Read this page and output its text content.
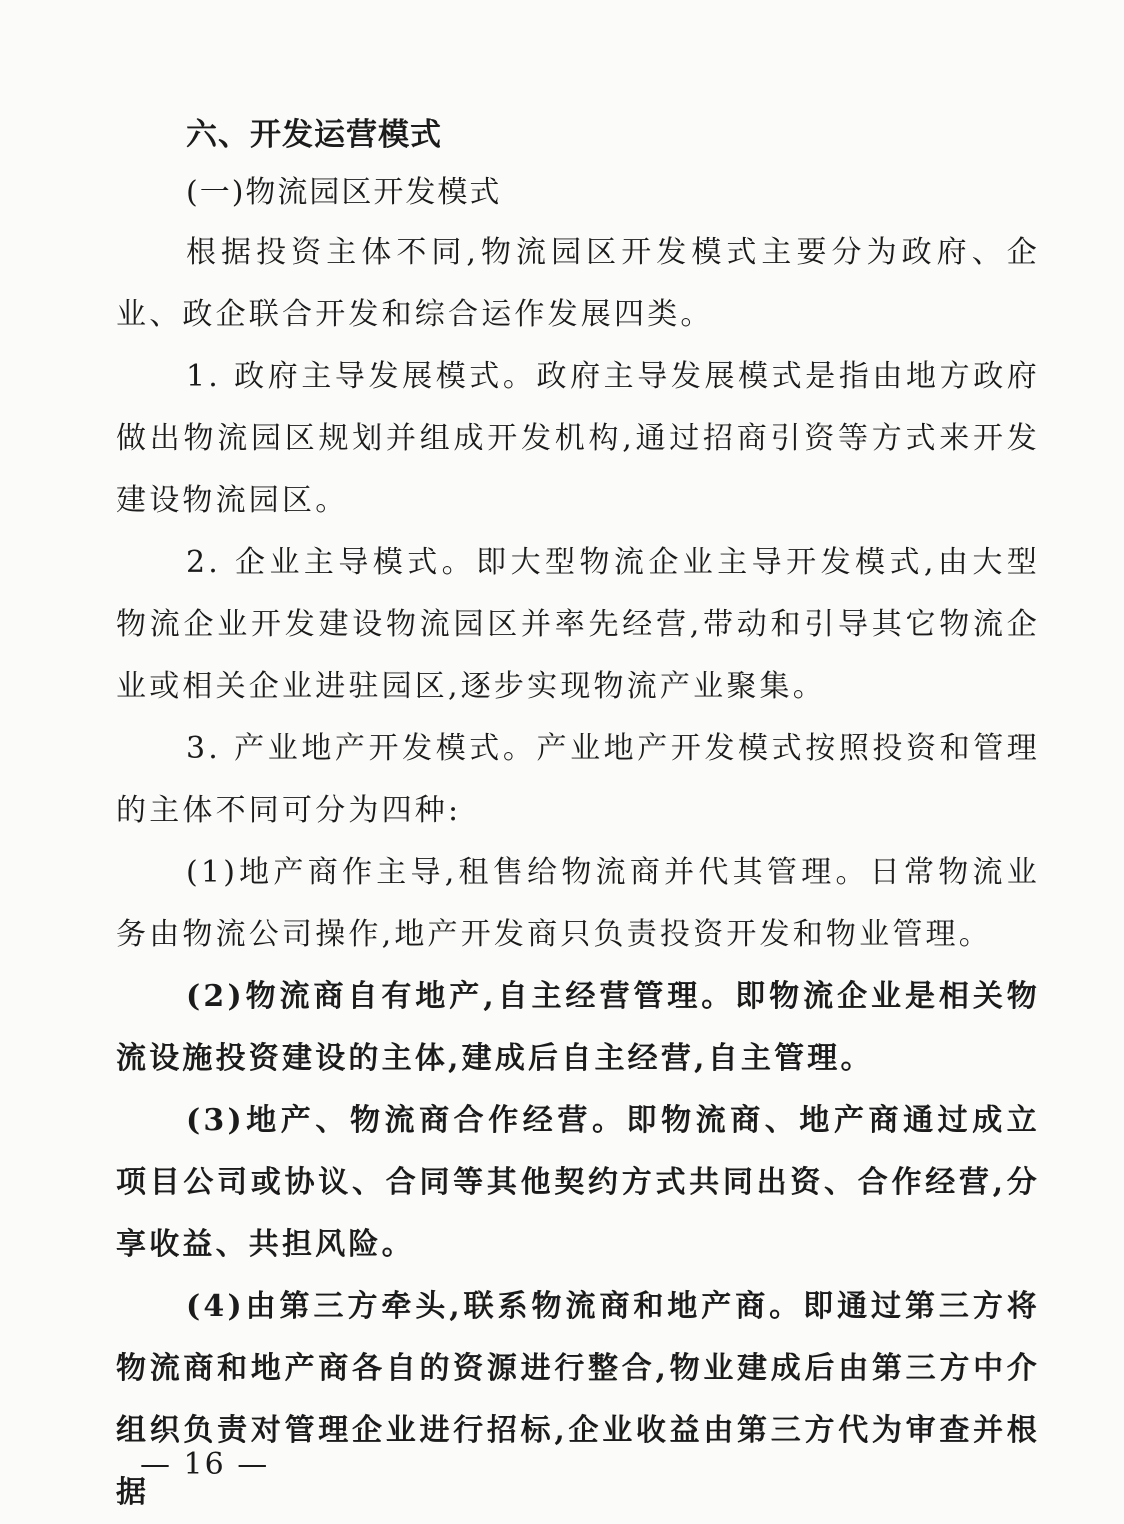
六、开发运营模式
(一)物流园区开发模式

根据投资主体不同,物流园区开发模式主要分为政府、企业、政企联合开发和综合运作发展四类。

1. 政府主导发展模式。政府主导发展模式是指由地方政府做出物流园区规划并组成开发机构,通过招商引资等方式来开发建设物流园区。

2. 企业主导模式。即大型物流企业主导开发模式,由大型物流企业开发建设物流园区并率先经营,带动和引导其它物流企业或相关企业进驻园区,逐步实现物流产业聚集。

3. 产业地产开发模式。产业地产开发模式按照投资和管理的主体不同可分为四种:

(1)地产商作主导,租售给物流商并代其管理。日常物流业务由物流公司操作,地产开发商只负责投资开发和物业管理。

(2)物流商自有地产,自主经营管理。即物流企业是相关物流设施投资建设的主体,建成后自主经营,自主管理。

(3)地产、物流商合作经营。即物流商、地产商通过成立项目公司或协议、合同等其他契约方式共同出资、合作经营,分享收益、共担风险。

(4)由第三方牵头,联系物流商和地产商。即通过第三方将物流商和地产商各自的资源进行整合,物业建成后由第三方中介组织负责对管理企业进行招标,企业收益由第三方代为审查并根据

— 16 —
